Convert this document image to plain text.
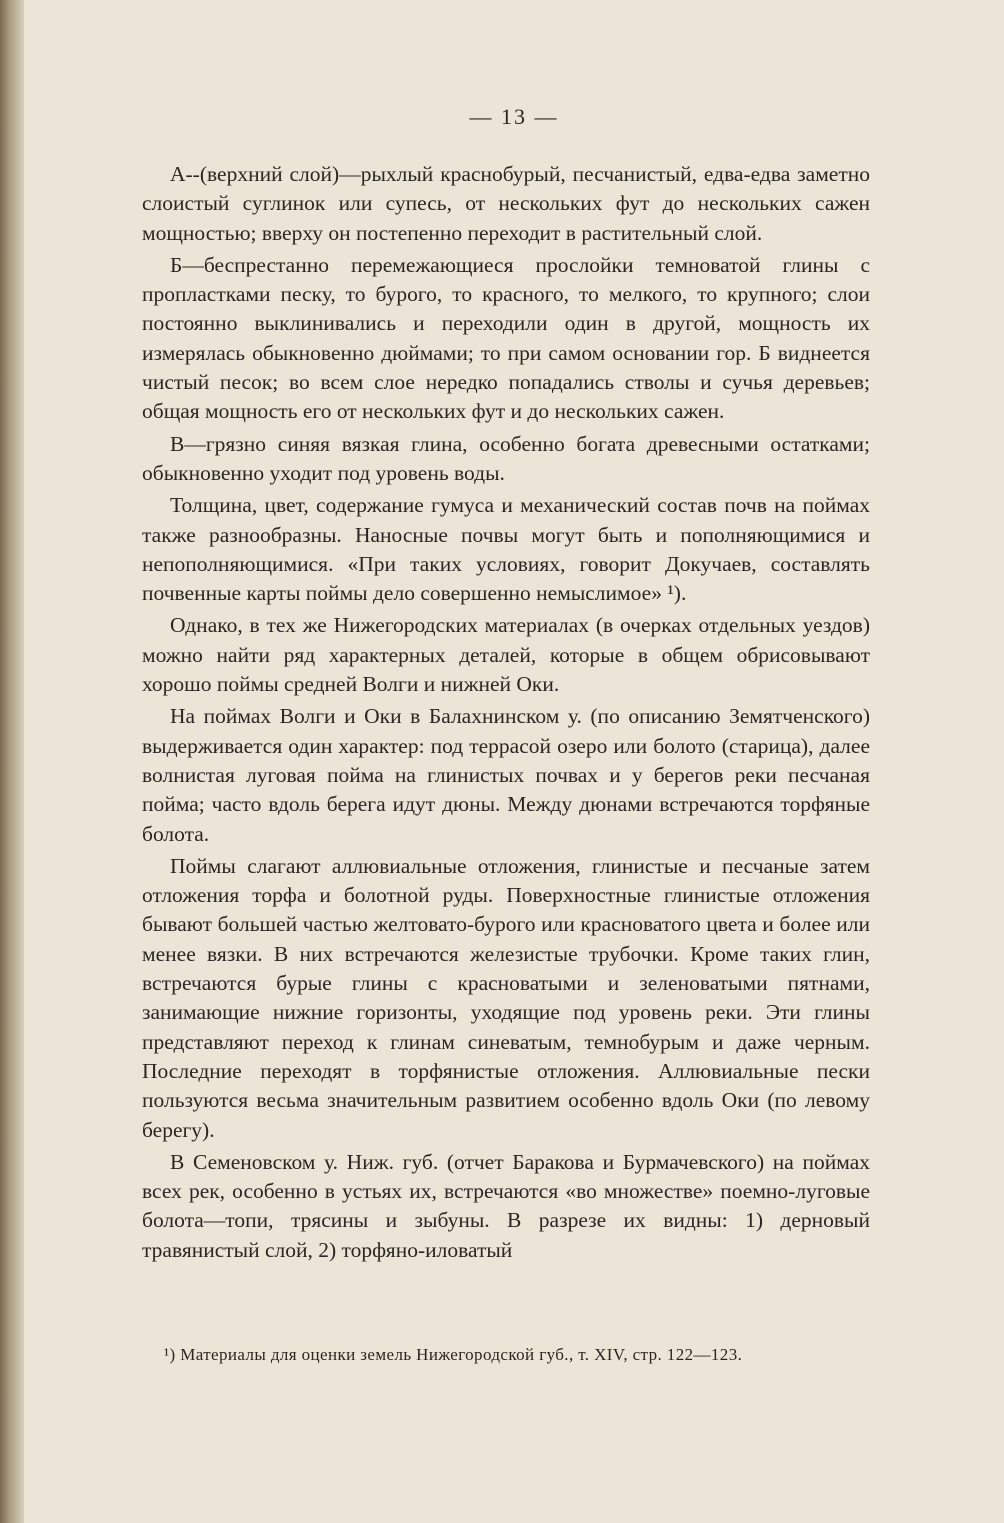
— 13 —

А‑‑(верхний слой)—рыхлый краснобурый, песчанистый, едва‑едва заметно слоистый суглинок или супесь, от нескольких фут до нескольких сажен мощностью; вверху он постепенно переходит в растительный слой.

Б—беспрестанно перемежающиеся прослойки темноватой глины с пропластками песку, то бурого, то красного, то мелкого, то крупного; слои постоянно выклинивались и переходили один в другой, мощность их измерялась обыкновенно дюймами; то при самом основании гор. Б виднеется чистый песок; во всем слое нередко попадались стволы и сучья деревьев; общая мощность его от нескольких фут и до нескольких сажен.

В—грязно синяя вязкая глина, особенно богата древесными остатками; обыкновенно уходит под уровень воды.

Толщина, цвет, содержание гумуса и механический состав почв на поймах также разнообразны. Наносные почвы могут быть и пополняющимися и непополняющимися. «При таких условиях, говорит Докучаев, составлять почвенные карты поймы дело совершенно немыслимое» ¹).

Однако, в тех же Нижегородских материалах (в очерках отдельных уездов) можно найти ряд характерных деталей, которые в общем обрисовывают хорошо поймы средней Волги и нижней Оки.

На поймах Волги и Оки в Балахнинском у. (по описанию Земятченского) выдерживается один характер: под террасой озеро или болото (старица), далее волнистая луговая пойма на глинистых почвах и у берегов реки песчаная пойма; часто вдоль берега идут дюны. Между дюнами встречаются торфяные болота.

Поймы слагают аллювиальные отложения, глинистые и песчаные затем отложения торфа и болотной руды. Поверхностные глинистые отложения бывают большей частью желтовато‑бурого или красноватого цвета и более или менее вязки. В них встречаются железистые трубочки. Кроме таких глин, встречаются бурые глины с красноватыми и зеленоватыми пятнами, занимающие нижние горизонты, уходящие под уровень реки. Эти глины представляют переход к глинам синеватым, темнобурым и даже черным. Последние переходят в торфянистые отложения. Аллювиальные пески пользуются весьма значительным развитием особенно вдоль Оки (по левому берегу).

В Семеновском у. Ниж. губ. (отчет Баракова и Бурмачевского) на поймах всех рек, особенно в устьях их, встречаются «во множестве» поемно‑луговые болота—топи, трясины и зыбуны. В разрезе их видны: 1) дерновый травянистый слой, 2) торфяно‑иловатый

¹) Материалы для оценки земель Нижегородской губ., т. XIV, стр. 122—123.
